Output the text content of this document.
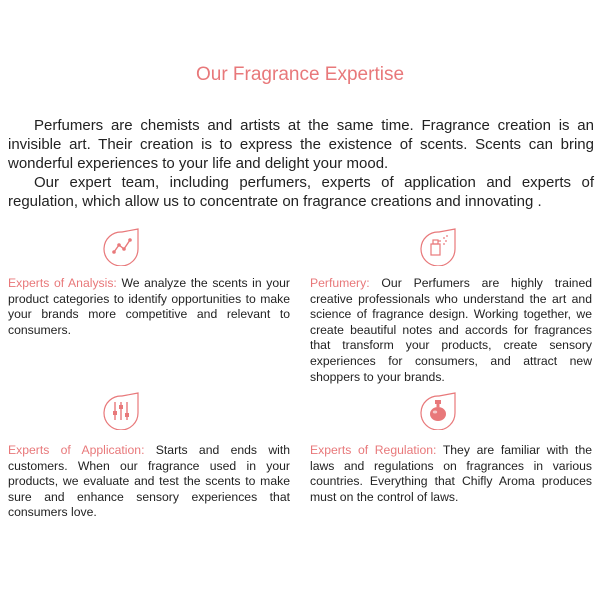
Our Fragrance Expertise

Perfumers are chemists and artists at the same time. Fragrance creation is an invisible art. Their creation is to express the existence of scents. Scents can bring wonderful experiences to your life and delight your mood.

Our expert team, including perfumers, experts of application and experts of regulation, which allow us to concentrate on fragrance creations and innovating .

Experts of Analysis: We analyze the scents in your product categories to identify opportunities to make your brands more competitive and relevant to consumers.
Perfumery: Our Perfumers are highly trained creative professionals who understand the art and science of fragrance design. Working together, we create beautiful notes and accords for fragrances that transform your products, create sensory experiences for consumers, and attract new shoppers to your brands.
Experts of Application: Starts and ends with customers. When our fragrance used in your products, we evaluate and test the scents to make sure and enhance sensory experiences that consumers love.
Experts of Regulation: They are familiar with the laws and regulations on fragrances in various countries. Everything that Chifly Aroma produces must on the control of laws.
